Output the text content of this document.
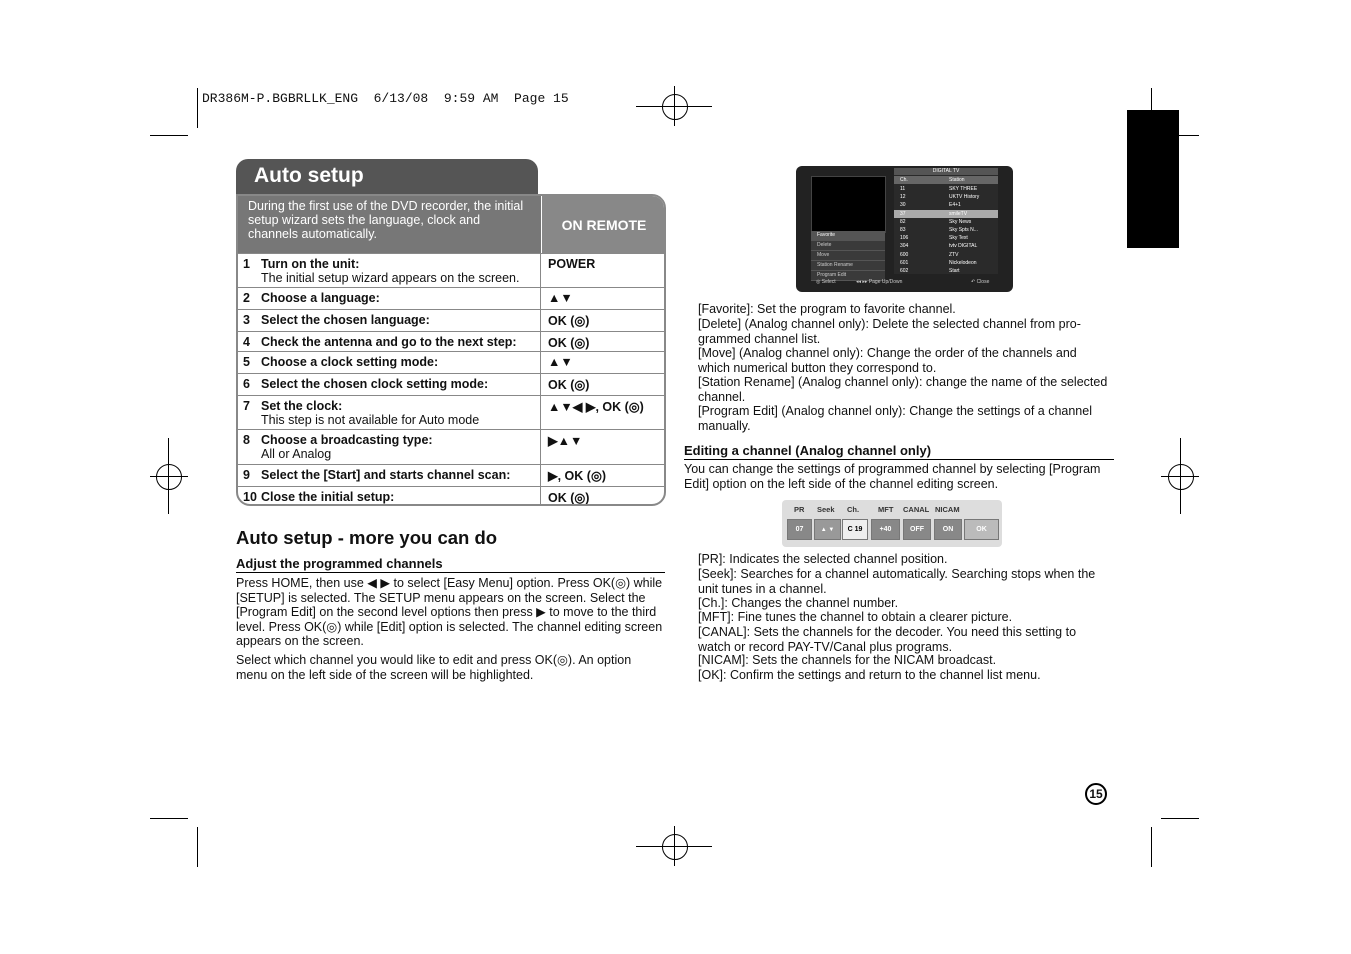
DR386M-P.BGBRLLK_ENG  6/13/08  9:59 AM  Page 15
Auto setup
During the first use of the DVD recorder, the initial setup wizard sets the language, clock and channels automatically.
ON REMOTE
1 Turn on the unit:
The initial setup wizard appears on the screen.
POWER
2 Choose a language:	▲▼
3 Select the chosen language:	OK (◎)
4 Check the antenna and go to the next step:	OK (◎)
5 Choose a clock setting mode:	▲▼
6 Select the chosen clock setting mode:	OK (◎)
7 Set the clock:
This step is not available for Auto mode
▲▼◀ ▶, OK (◎)
8 Choose a broadcasting type:
All or Analog
▶▲▼
9 Select the [Start] and starts channel scan:	▶, OK (◎)
10 Close the initial setup:	OK (◎)
Auto setup - more you can do
Adjust the programmed channels
Press HOME, then use ◀ ▶ to select [Easy Menu] option. Press OK(◎) while [SETUP] is selected. The SETUP menu appears on the screen. Select the [Program Edit] on the second level options then press ▶ to move to the third level. Press OK(◎) while [Edit] option is selected. The channel editing screen appears on the screen.
Select which channel you would like to edit and press OK(◎). An option menu on the left side of the screen will be highlighted.
Favorite
Delete
Move
Station Rename
Program Edit
DIGITAL TV
Ch.	Station
11	SKY THREE
12	UKTV History
30	E4+1
37	smileTV
82	Sky News
83	Sky Spts N...
106	Sky Text
304	tvtv DIGITAL
600	ZTV
601	Nickelodeon
602	Start
◎ Select	◂◂ ▸▸ Page Up/Down	↶ Close
[Favorite]: Set the program to favorite channel.
[Delete] (Analog channel only): Delete the selected channel from pro-grammed channel list.
[Move] (Analog channel only): Change the order of the channels and which numerical button they correspond to.
[Station Rename] (Analog channel only): change the name of the selected channel.
[Program Edit] (Analog channel only): Change the settings of a channel manually.
Editing a channel (Analog channel only)
You can change the settings of programmed channel by selecting [Program Edit] option on the left side of the channel editing screen.
PR Seek Ch.	MFT CANAL NICAM
07	▲ ▼	C 19	+40	OFF	ON	OK
[PR]: Indicates the selected channel position.
[Seek]: Searches for a channel automatically. Searching stops when the unit tunes in a channel.
[Ch.]: Changes the channel number.
[MFT]: Fine tunes the channel to obtain a clearer picture.
[CANAL]: Sets the channels for the decoder. You need this setting to watch or record PAY-TV/Canal plus programs.
[NICAM]: Sets the channels for the NICAM broadcast.
[OK]: Confirm the settings and return to the channel list menu.
15
